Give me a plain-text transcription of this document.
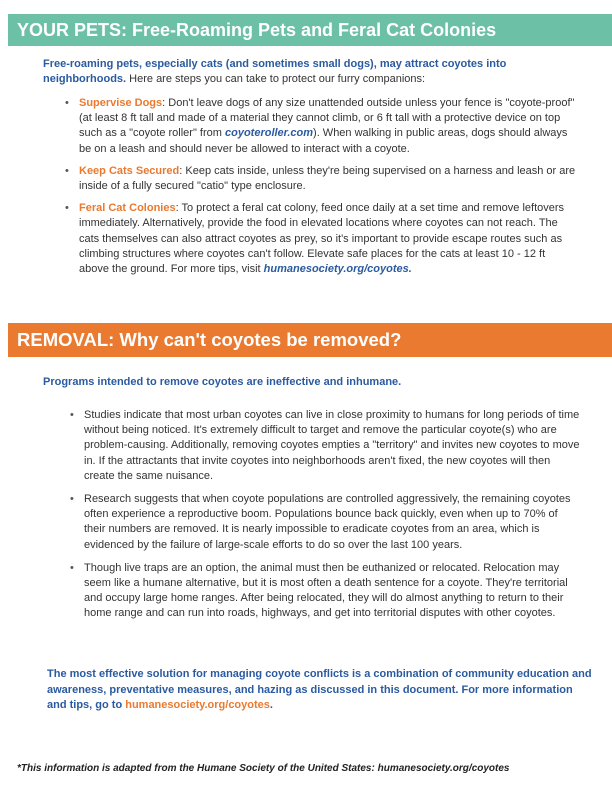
YOUR PETS: Free-Roaming Pets and Feral Cat Colonies
Free-roaming pets, especially cats (and sometimes small dogs), may attract coyotes into neighborhoods. Here are steps you can take to protect our furry companions:
• Supervise Dogs: Don't leave dogs of any size unattended outside unless your fence is "coyote-proof" (at least 8 ft tall and made of a material they cannot climb, or 6 ft tall with a protective device on top such as a "coyote roller" from coyoteroller.com). When walking in public areas, dogs should always be on a leash and should never be allowed to interact with a coyote.
• Keep Cats Secured: Keep cats inside, unless they're being supervised on a harness and leash or are inside of a fully secured "catio" type enclosure.
• Feral Cat Colonies: To protect a feral cat colony, feed once daily at a set time and remove leftovers immediately. Alternatively, provide the food in elevated locations where coyotes can not reach. The cats themselves can also attract coyotes as prey, so it's important to provide escape routes such as climbing structures where coyotes can't follow. Elevate safe places for the cats at least 10 - 12 ft above the ground. For more tips, visit humanesociety.org/coyotes.
REMOVAL: Why can't coyotes be removed?
Programs intended to remove coyotes are ineffective and inhumane.
• Studies indicate that most urban coyotes can live in close proximity to humans for long periods of time without being noticed. It's extremely difficult to target and remove the particular coyote(s) who are problem-causing. Additionally, removing coyotes empties a "territory" and invites new coyotes to move in. If the attractants that invite coyotes into neighborhoods aren't fixed, the new coyotes will then create the same nuisance.
• Research suggests that when coyote populations are controlled aggressively, the remaining coyotes often experience a reproductive boom. Populations bounce back quickly, even when up to 70% of their numbers are removed. It is nearly impossible to eradicate coyotes from an area, which is evidenced by the failure of large-scale efforts to do so over the last 100 years.
• Though live traps are an option, the animal must then be euthanized or relocated. Relocation may seem like a humane alternative, but it is most often a death sentence for a coyote. They're territorial and occupy large home ranges. After being relocated, they will do almost anything to return to their home range and can run into roads, highways, and get into territorial disputes with other coyotes.
The most effective solution for managing coyote conflicts is a combination of community education and awareness, preventative measures, and hazing as discussed in this document. For more information and tips, go to humanesociety.org/coyotes.
*This information is adapted from the Humane Society of the United States: humanesociety.org/coyotes
